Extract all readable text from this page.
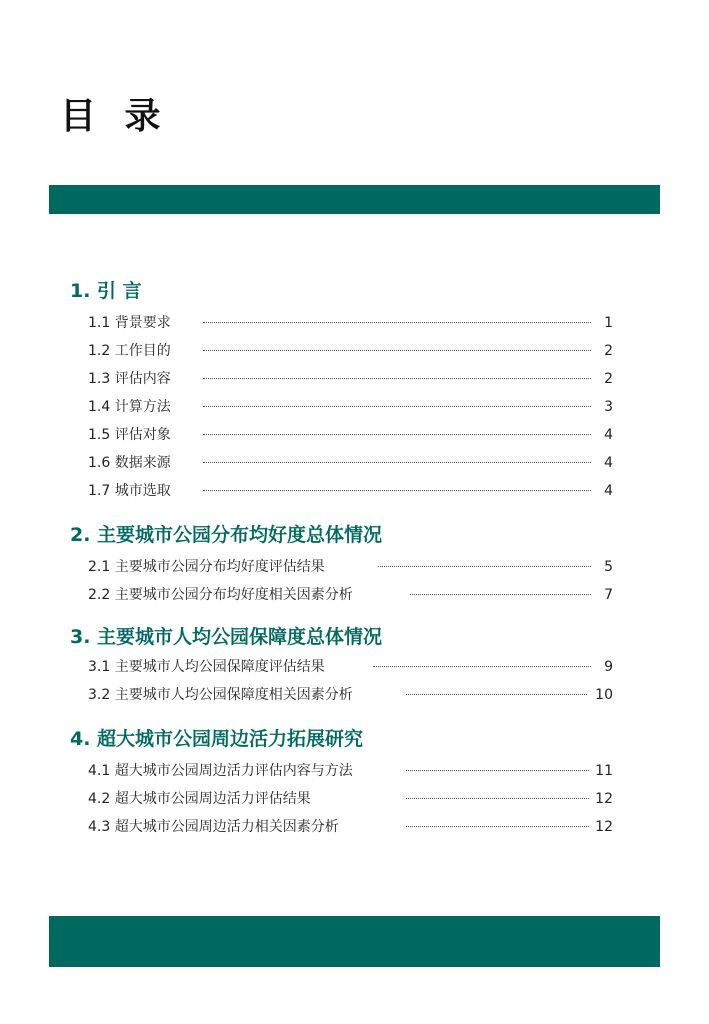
目 录
1. 引 言
1.1 背景要求	1
1.2 工作目的	2
1.3 评估内容	2
1.4 计算方法	3
1.5 评估对象	4
1.6 数据来源	4
1.7 城市选取	4
2. 主要城市公园分布均好度总体情况
2.1 主要城市公园分布均好度评估结果	5
2.2 主要城市公园分布均好度相关因素分析	7
3. 主要城市人均公园保障度总体情况
3.1 主要城市人均公园保障度评估结果	9
3.2 主要城市人均公园保障度相关因素分析	10
4. 超大城市公园周边活力拓展研究
4.1 超大城市公园周边活力评估内容与方法	11
4.2 超大城市公园周边活力评估结果	12
4.3 超大城市公园周边活力相关因素分析	12
